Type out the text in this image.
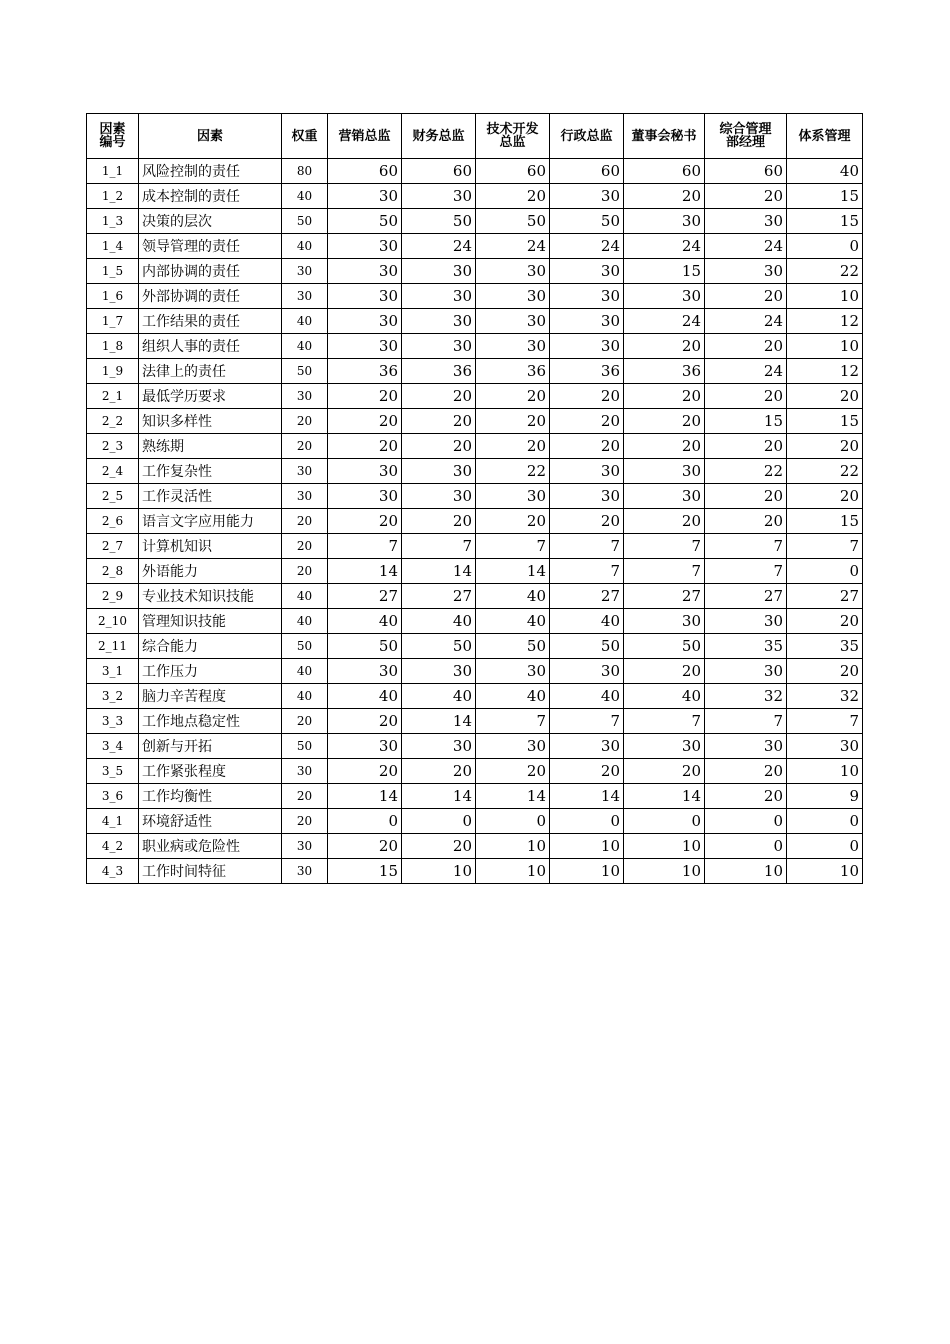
因素编号	因素	权重	营销总监	财务总监	技术开发总监	行政总监	董事会秘书	综合管理部经理	体系管理
1_1	风险控制的责任	80	60	60	60	60	60	60	40
1_2	成本控制的责任	40	30	30	20	30	20	20	15
1_3	决策的层次	50	50	50	50	50	30	30	15
1_4	领导管理的责任	40	30	24	24	24	24	24	0
1_5	内部协调的责任	30	30	30	30	30	15	30	22
1_6	外部协调的责任	30	30	30	30	30	30	20	10
1_7	工作结果的责任	40	30	30	30	30	24	24	12
1_8	组织人事的责任	40	30	30	30	30	20	20	10
1_9	法律上的责任	50	36	36	36	36	36	24	12
2_1	最低学历要求	30	20	20	20	20	20	20	20
2_2	知识多样性	20	20	20	20	20	20	15	15
2_3	熟练期	20	20	20	20	20	20	20	20
2_4	工作复杂性	30	30	30	22	30	30	22	22
2_5	工作灵活性	30	30	30	30	30	30	20	20
2_6	语言文字应用能力	20	20	20	20	20	20	20	15
2_7	计算机知识	20	7	7	7	7	7	7	7
2_8	外语能力	20	14	14	14	7	7	7	0
2_9	专业技术知识技能	40	27	27	40	27	27	27	27
2_10	管理知识技能	40	40	40	40	40	30	30	20
2_11	综合能力	50	50	50	50	50	50	35	35
3_1	工作压力	40	30	30	30	30	20	30	20
3_2	脑力辛苦程度	40	40	40	40	40	40	32	32
3_3	工作地点稳定性	20	20	14	7	7	7	7	7
3_4	创新与开拓	50	30	30	30	30	30	30	30
3_5	工作紧张程度	30	20	20	20	20	20	20	10
3_6	工作均衡性	20	14	14	14	14	14	20	9
4_1	环境舒适性	20	0	0	0	0	0	0	0
4_2	职业病或危险性	30	20	20	10	10	10	0	0
4_3	工作时间特征	30	15	10	10	10	10	10	10
